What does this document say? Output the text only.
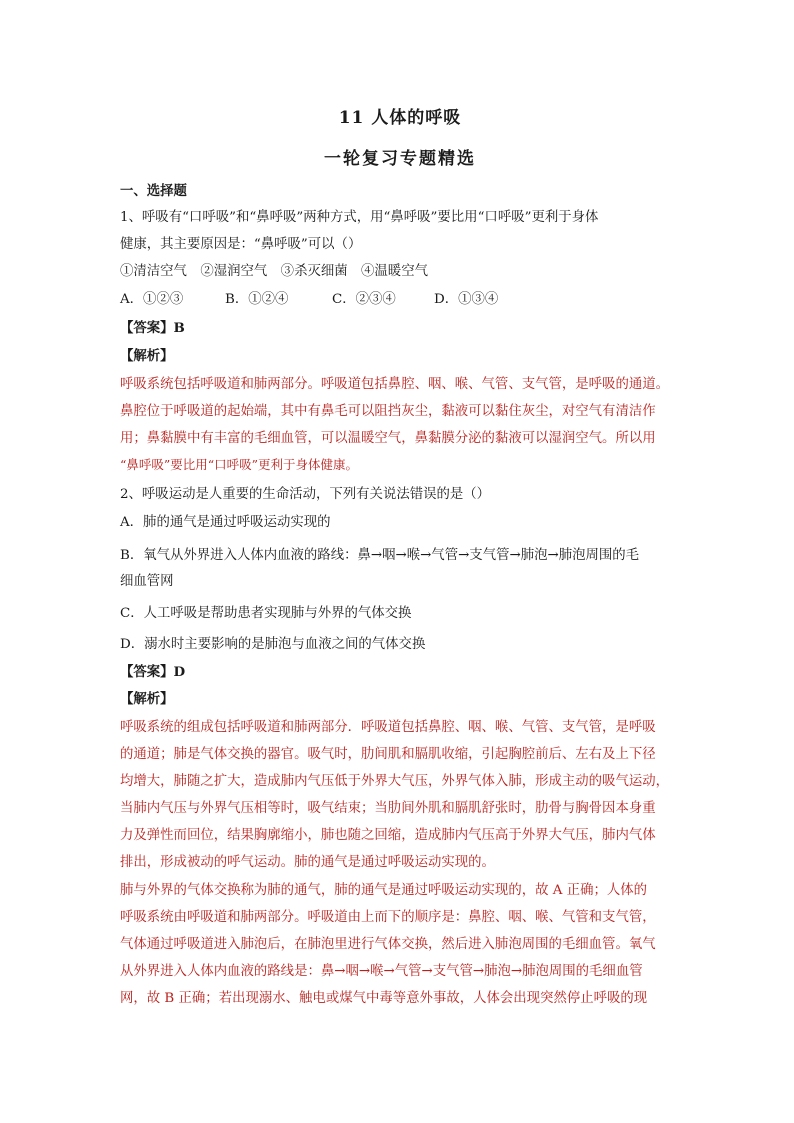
11 人体的呼吸
一轮复习专题精选
一、选择题
1、呼吸有“口呼吸”和“鼻呼吸”两种方式，用“鼻呼吸”要比用“口呼吸”更利于身体
健康，其主要原因是：“鼻呼吸”可以（）
①清洁空气　②湿润空气　③杀灭细菌　④温暖空气
A．①②③	B．①②④	C．②③④	D．①③④
【答案】B
【解析】
呼吸系统包括呼吸道和肺两部分。呼吸道包括鼻腔、咽、喉、气管、支气管，是呼吸的通道。
鼻腔位于呼吸道的起始端，其中有鼻毛可以阻挡灰尘，黏液可以黏住灰尘，对空气有清洁作
用；鼻黏膜中有丰富的毛细血管，可以温暖空气，鼻黏膜分泌的黏液可以湿润空气。所以用
“鼻呼吸”要比用“口呼吸”更利于身体健康。
2、呼吸运动是人重要的生命活动，下列有关说法错误的是（）
A．肺的通气是通过呼吸运动实现的
B．氧气从外界进入人体内血液的路线：鼻→咽→喉→气管→支气管→肺泡→肺泡周围的毛
细血管网
C．人工呼吸是帮助患者实现肺与外界的气体交换
D．溺水时主要影响的是肺泡与血液之间的气体交换
【答案】D
【解析】
呼吸系统的组成包括呼吸道和肺两部分．呼吸道包括鼻腔、咽、喉、气管、支气管，是呼吸
的通道；肺是气体交换的器官。吸气时，肋间肌和膈肌收缩，引起胸腔前后、左右及上下径
均增大，肺随之扩大，造成肺内气压低于外界大气压，外界气体入肺，形成主动的吸气运动，
当肺内气压与外界气压相等时，吸气结束；当肋间外肌和膈肌舒张时，肋骨与胸骨因本身重
力及弹性而回位，结果胸廓缩小，肺也随之回缩，造成肺内气压高于外界大气压，肺内气体
排出，形成被动的呼气运动。肺的通气是通过呼吸运动实现的。
肺与外界的气体交换称为肺的通气，肺的通气是通过呼吸运动实现的，故 A 正确；人体的
呼吸系统由呼吸道和肺两部分。呼吸道由上而下的顺序是：鼻腔、咽、喉、气管和支气管，
气体通过呼吸道进入肺泡后，在肺泡里进行气体交换，然后进入肺泡周围的毛细血管。氧气
从外界进入人体内血液的路线是：鼻→咽→喉→气管→支气管→肺泡→肺泡周围的毛细血管
网，故 B 正确；若出现溺水、触电或煤气中毒等意外事故，人体会出现突然停止呼吸的现
